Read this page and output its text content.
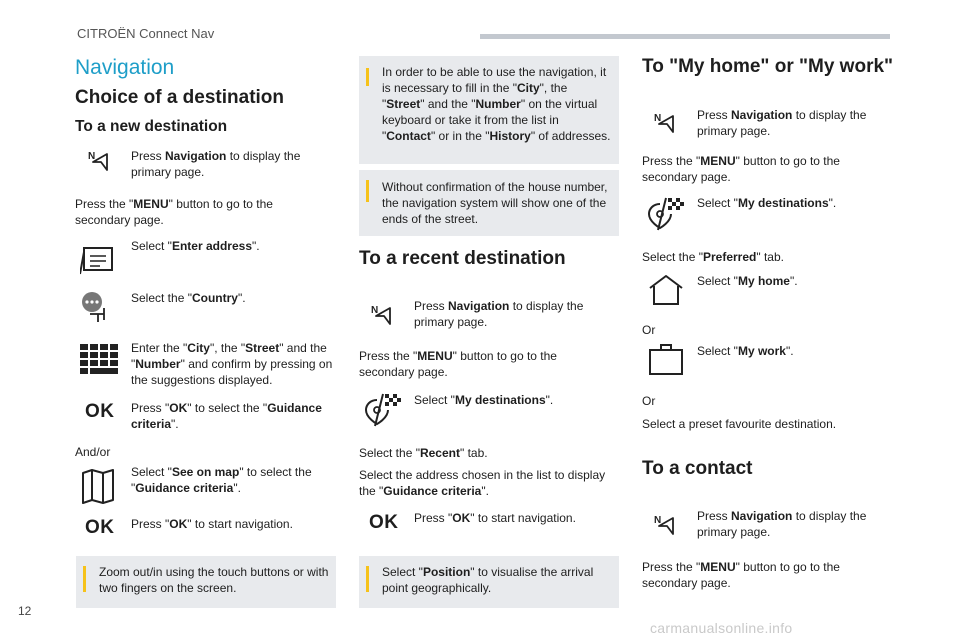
CITROËN Connect Nav
12
carmanualsonline.info
Navigation
Choice of a destination
To a new destination
N	Press Navigation to display the primary page.
Press the "MENU" button to go to the secondary page.
Select "Enter address".
Select the "Country".
Enter the "City", the "Street" and the "Number" and confirm by pressing on the suggestions displayed.
OK Press "OK" to select the "Guidance criteria".
And/or
Select "See on map" to select the "Guidance criteria".
OK Press "OK" to start navigation.
Zoom out/in using the touch buttons or with two fingers on the screen.
In order to be able to use the navigation, it is necessary to fill in the "City", the "Street" and the "Number" on the virtual keyboard or take it from the list in "Contact" or in the "History" of addresses.
Without confirmation of the house number, the navigation system will show one of the ends of the street.
To a recent destination
N	Press Navigation to display the primary page.
Press the "MENU" button to go to the secondary page.
Select "My destinations".
Select the "Recent" tab.
Select the address chosen in the list to display the "Guidance criteria".
OK Press "OK" to start navigation.
Select "Position" to visualise the arrival point geographically.
To "My home" or "My work"
N	Press Navigation to display the primary page.
Press the "MENU" button to go to the secondary page.
Select "My destinations".
Select the "Preferred" tab.
Select "My home".
Or
Select "My work".
Or
Select a preset favourite destination.
To a contact
N	Press Navigation to display the primary page.
Press the "MENU" button to go to the secondary page.
